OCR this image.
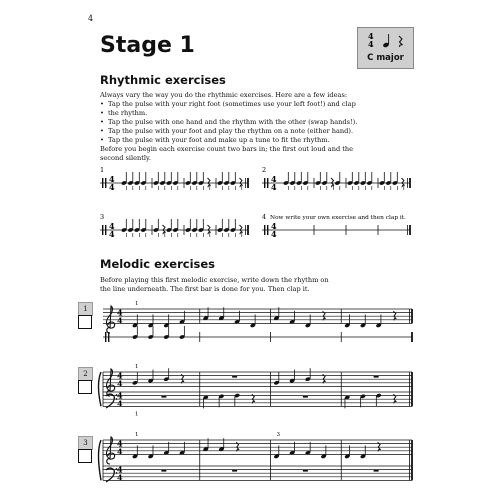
4
Stage 1	4
4
C major
Rhythmic exercises
Always vary the way you do the rhythmic exercises. Here are a few ideas:
• Tap the pulse with your right foot (sometimes use your left foot!) and clap
• the rhythm.
• Tap the pulse with one hand and the rhythm with the other (swap hands!).
• Tap the pulse with your foot and play the rhythm on a note (either hand).
• Tap the pulse with your foot and make up a tune to fit the rhythm.
Before you begin each exercise count two bars in; the first out loud and the
second silently.
1
4
4
2
4
4
3
4
4
4 Now write your own exercise and then clap it.
4
4
Melodic exercises
Before playing this first melodic exercise, write down the rhythm on
the line underneath. The first bar is done for you. Then clap it.
1
2
3
4
4
1
4
4
4
4
1
1
4
4
4
4
1	3
